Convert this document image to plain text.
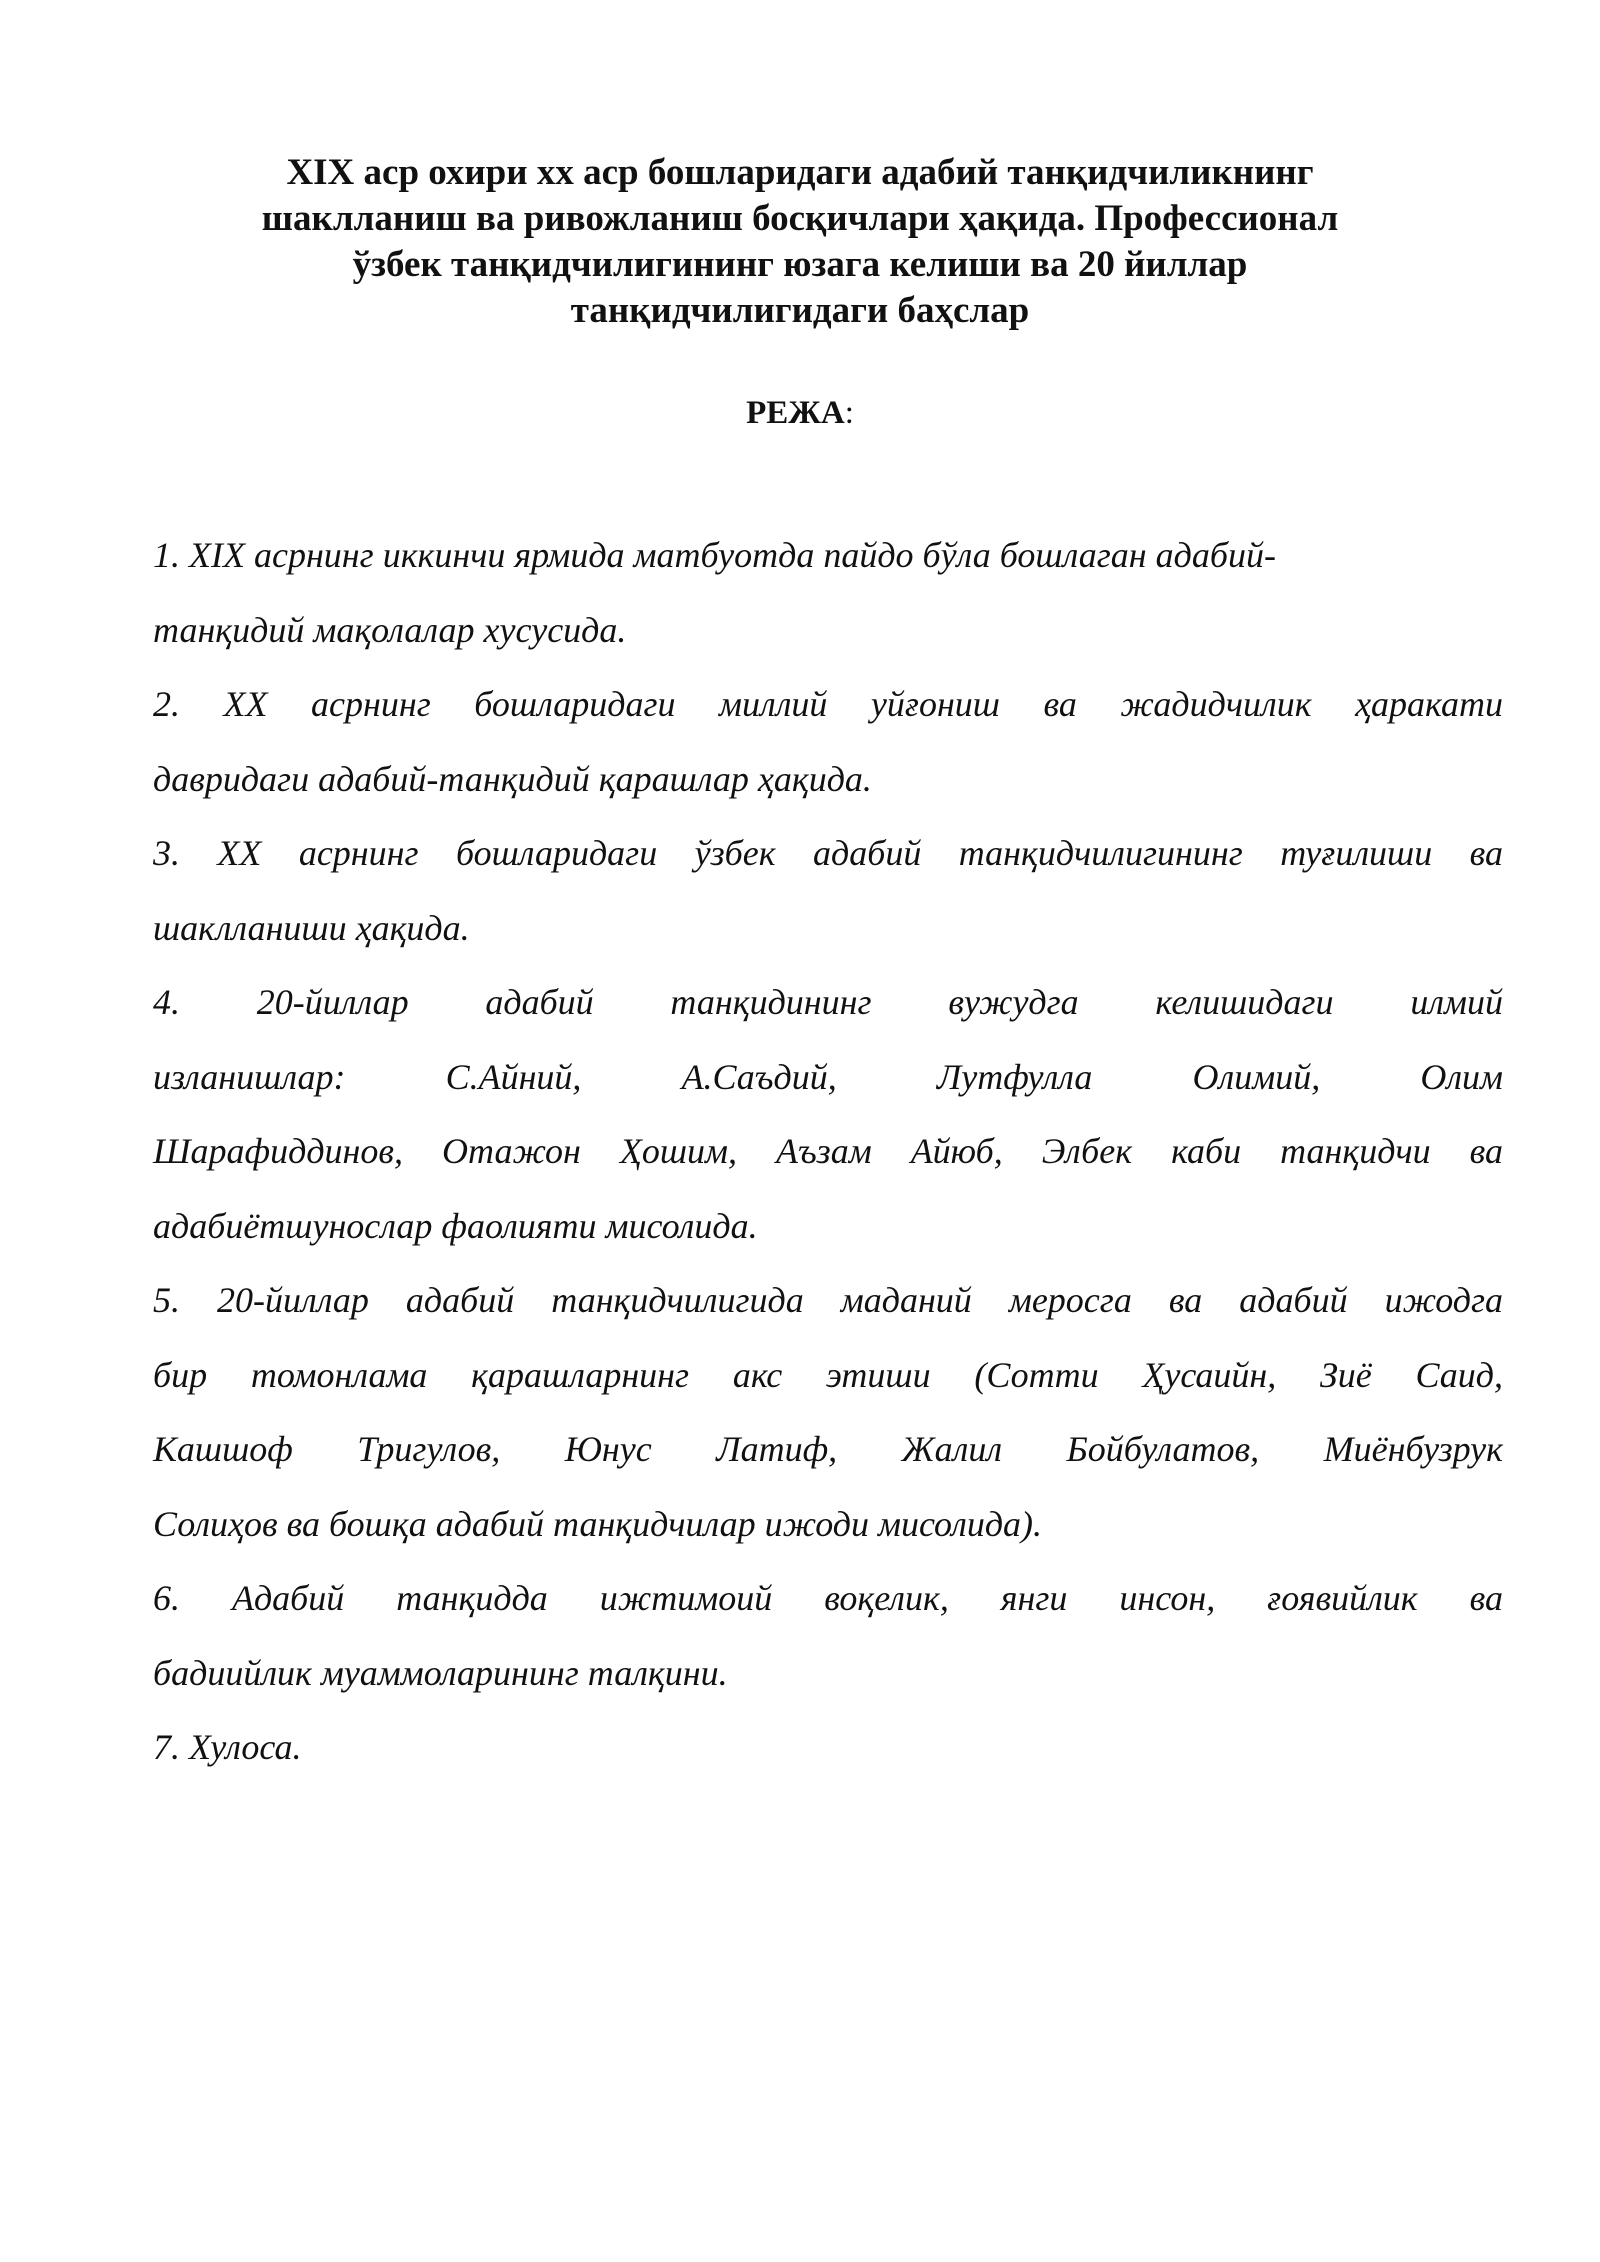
XIX аср охири хх аср бошларидаги адабий танқидчиликнинг
шаклланиш ва ривожланиш босқичлари ҳақида. Профессионал
ўзбек танқидчилигининг юзага келиши ва 20 йиллар
танқидчилигидаги баҳслар

РЕЖА:

1. XIX асрнинг иккинчи ярмида матбуотда пайдо бўла бошлаган адабий-
танқидий мақолалар хусусида.
2. XX асрнинг бошларидаги миллий уйғониш ва жадидчилик ҳаракати
давридаги адабий-танқидий қарашлар ҳақида.
3. XX асрнинг бошларидаги ўзбек адабий танқидчилигининг туғилиши ва
шаклланиши ҳақида.
4. 20-йиллар адабий танқидининг вужудга келишидаги илмий
изланишлар: С.Айний, А.Саъдий, Лутфулла Олимий, Олим
Шарафиддинов, Отажон Ҳошим, Аъзам Айюб, Элбек каби танқидчи ва
адабиётшунослар фаолияти мисолида.
5. 20-йиллар адабий танқидчилигида маданий меросга ва адабий ижодга
бир томонлама қарашларнинг акс этиши (Сотти Ҳусаийн, Зиё Саид,
Кашшоф Тригулов, Юнус Латиф, Жалил Бойбулатов, Миёнбузрук
Солиҳов ва бошқа адабий танқидчилар ижоди мисолида).
6. Адабий танқидда ижтимоий воқелик, янги инсон, ғоявийлик ва
бадиийлик муаммоларининг талқини.
7. Хулоса.
